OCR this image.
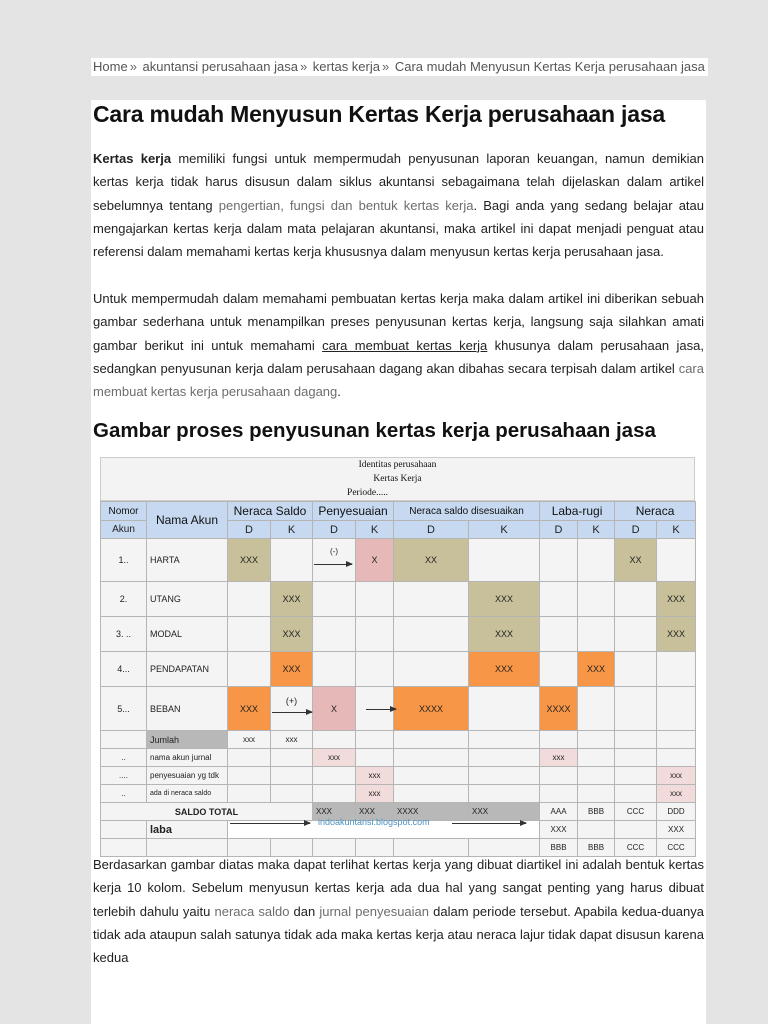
Home » akuntansi perusahaan jasa » kertas kerja » Cara mudah Menyusun Kertas Kerja perusahaan jasa
Cara mudah Menyusun Kertas Kerja perusahaan jasa

Kertas kerja memiliki fungsi untuk mempermudah penyusunan laporan keuangan, namun demikian kertas kerja tidak harus disusun dalam siklus akuntansi sebagaimana telah dijelaskan dalam artikel sebelumnya tentang pengertian, fungsi dan bentuk kertas kerja. Bagi anda yang sedang belajar atau mengajarkan kertas kerja dalam mata pelajaran akuntansi, maka artikel ini dapat menjadi penguat atau referensi dalam memahami kertas kerja khususnya dalam menyusun kertas kerja perusahaan jasa.

Untuk mempermudah dalam memahami pembuatan kertas kerja maka dalam artikel ini diberikan sebuah gambar sederhana untuk menampilkan preses penyusunan kertas kerja, langsung saja silahkan amati gambar berikut ini untuk memahami cara membuat kertas kerja khusunya dalam perusahaan jasa, sedangkan penyusunan kerja dalam perusahaan dagang akan dibahas secara terpisah dalam artikel cara membuat kertas kerja perusahaan dagang.

Gambar proses penyusunan kertas kerja perusahaan jasa
Identitas perusahaan
Kertas Kerja
Periode.....
Nomor	Nama Akun	Neraca Saldo		Penyesuaian		Neraca saldo disesuaikan		Laba-rugi		Neraca	
Akun		D	K	D	K	D	K	D	K	D	K
1..	HARTA	XXX		(-)	X	XX				XX	
2.	UTANG		XXX				XXX				XXX
3. ..	MODAL		XXX				XXX				XXX
4...	PENDAPATAN		XXX				XXX		XXX		
5...	BEBAN	XXX	(+)	X		XXXX		XXXX			
	Jumlah	xxx	xxx								
..	nama akun jurnal			xxx				xxx			
....	penyesuaian yg tdk				xxx						xxx
..	ada di neraca saldo				xxx						xxx
SALDO TOTAL				XXX	XXX	XXXX	XXX	AAA	BBB	CCC	DDD
	laba							XXX			XXX
								BBB	BBB	CCC	CCC
indoakuntansi.blogspot.com

Berdasarkan gambar diatas maka dapat terlihat kertas kerja yang dibuat diartikel ini adalah bentuk kertas kerja 10 kolom. Sebelum menyusun kertas kerja ada dua hal yang sangat penting yang harus dibuat terlebih dahulu yaitu neraca saldo dan jurnal penyesuaian dalam periode tersebut. Apabila kedua-duanya tidak ada ataupun salah satunya tidak ada maka kertas kerja atau neraca lajur tidak dapat disusun karena kedua
